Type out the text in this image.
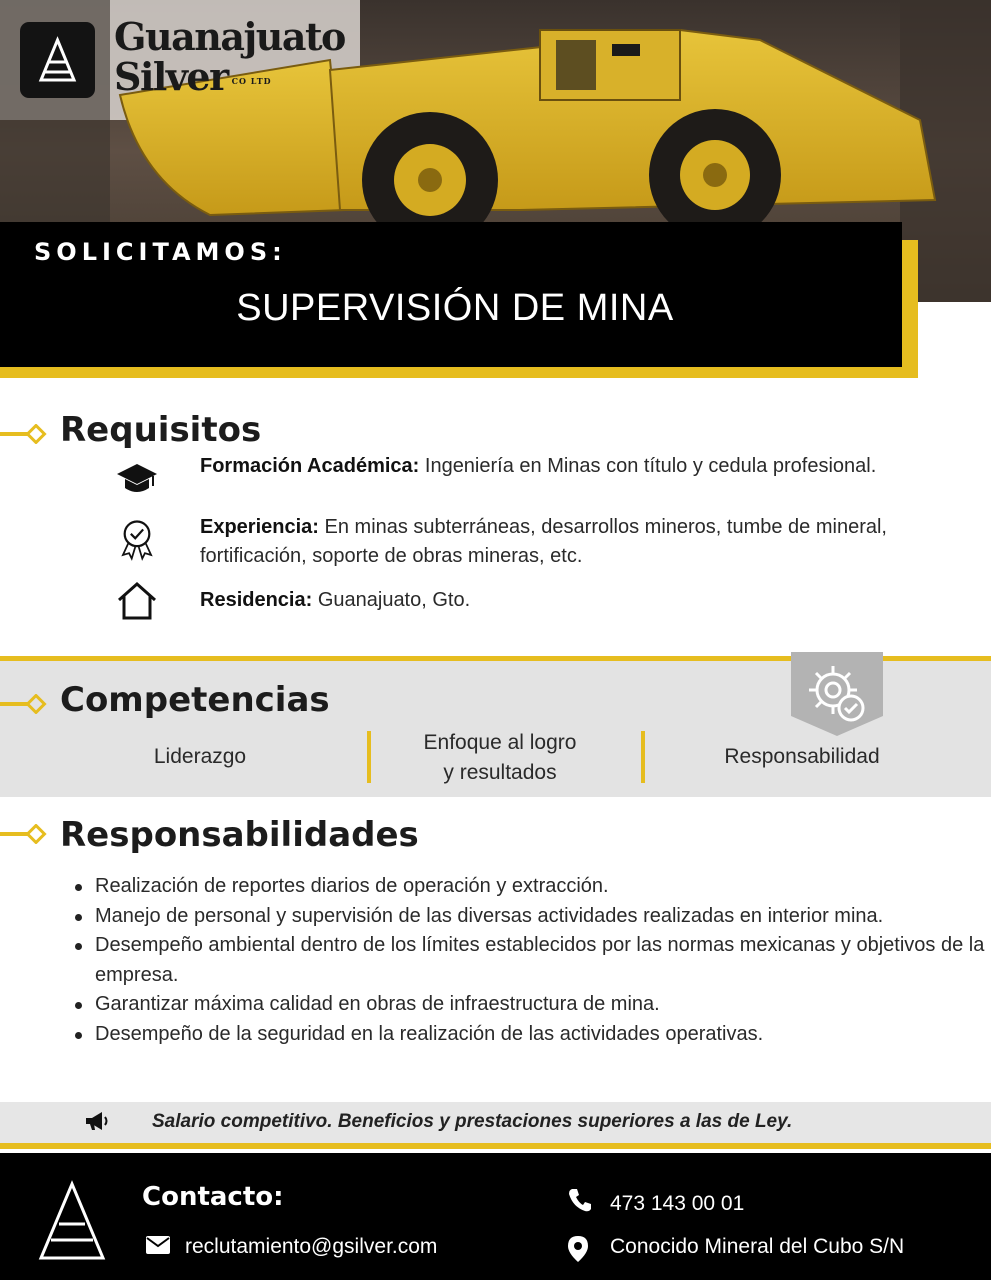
Guanajuato
Silver CO LTD
SOLICITAMOS:
SUPERVISIÓN DE MINA
Requisitos
Formación Académica: Ingeniería en Minas con título y cedula profesional.
Experiencia: En minas subterráneas, desarrollos mineros, tumbe de mineral, fortificación, soporte de obras mineras, etc.
Residencia: Guanajuato, Gto.
Competencias
Liderazgo
Enfoque al logro
y resultados
Responsabilidad
Responsabilidades
Realización de reportes diarios de operación y extracción.
Manejo de personal y supervisión de las diversas actividades realizadas en interior mina.
Desempeño ambiental dentro de los límites establecidos por las normas mexicanas y objetivos de la empresa.
Garantizar máxima calidad en obras de infraestructura de mina.
Desempeño de la seguridad en la realización de las actividades operativas.
Salario competitivo. Beneficios y prestaciones superiores a las de Ley.
Contacto:
reclutamiento@gsilver.com
473 143 00 01
Conocido Mineral del Cubo S/N
